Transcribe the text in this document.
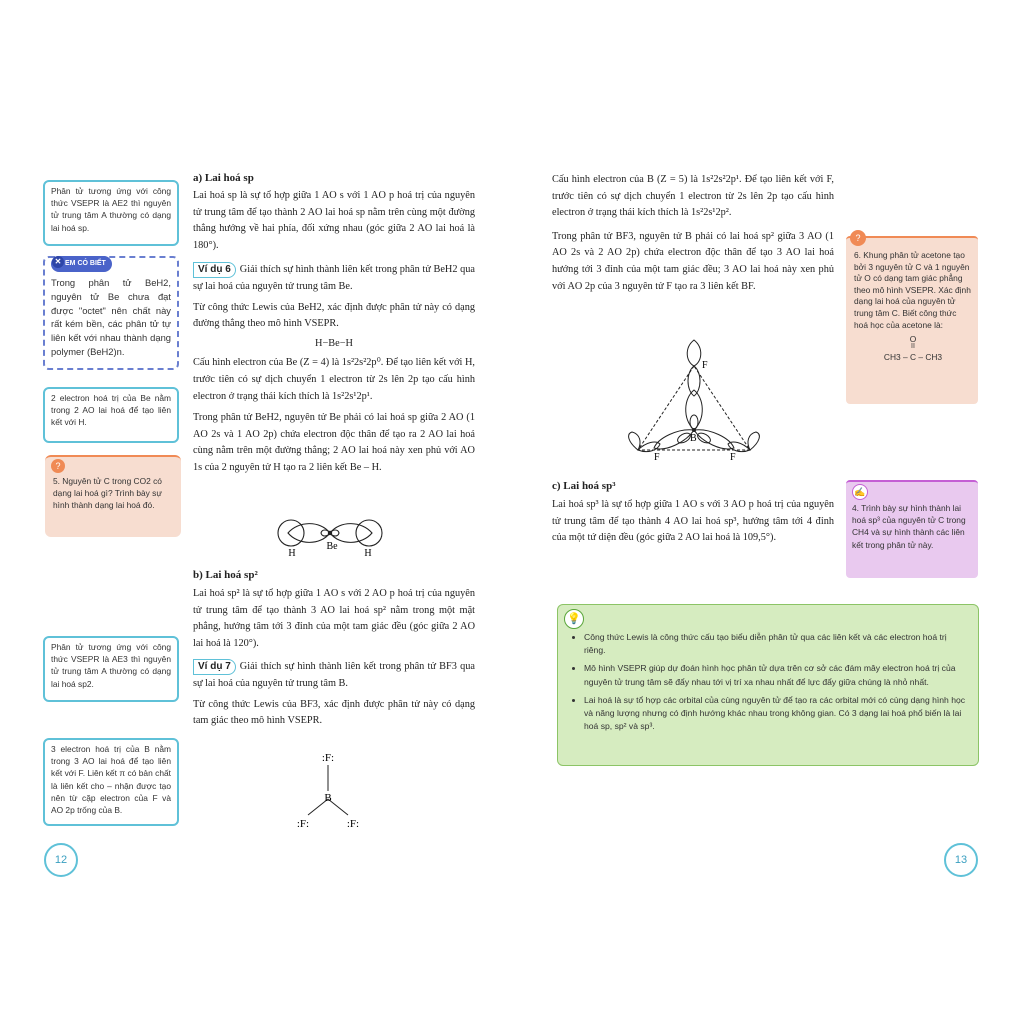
Phân tử tương ứng với công thức VSEPR là AE2 thì nguyên tử trung tâm A thường có dạng lai hoá sp.
✕ EM CÓ BIẾT
Trong phân tử BeH2, nguyên tử Be chưa đạt được "octet" nên chất này rất kém bền, các phân tử tự liên kết với nhau thành dạng polymer (BeH2)n.
2 electron hoá trị của Be nằm trong 2 AO lai hoá để tạo liên kết với H.
?
5. Nguyên tử C trong CO2 có dạng lai hoá gì? Trình bày sự hình thành dạng lai hoá đó.
Phân tử tương ứng với công thức VSEPR là AE3 thì nguyên tử trung tâm A thường có dạng lai hoá sp2.
3 electron hoá trị của B nằm trong 3 AO lai hoá để tạo liên kết với F. Liên kết π có bản chất là liên kết cho – nhận được tạo nên từ cặp electron của F và AO 2p trống của B.
12

a) Lai hoá sp

Lai hoá sp là sự tổ hợp giữa 1 AO s với 1 AO p hoá trị của nguyên tử trung tâm để tạo thành 2 AO lai hoá sp nằm trên cùng một đường thẳng hướng về hai phía, đối xứng nhau (góc giữa 2 AO lai hoá là 180°).

Ví dụ 6 Giải thích sự hình thành liên kết trong phân tử BeH2 qua sự lai hoá của nguyên tử trung tâm Be.

Từ công thức Lewis của BeH2, xác định được phân tử này có dạng đường thẳng theo mô hình VSEPR.

H−Be−H

Cấu hình electron của Be (Z = 4) là 1s²2s²2p⁰. Để tạo liên kết với H, trước tiên có sự dịch chuyển 1 electron từ 2s lên 2p tạo cấu hình electron ở trạng thái kích thích là 1s²2s¹2p¹.

Trong phân tử BeH2, nguyên tử Be phải có lai hoá sp giữa 2 AO (1 AO 2s và 1 AO 2p) chứa electron độc thân để tạo ra 2 AO lai hoá cùng nằm trên một đường thẳng; 2 AO lai hoá này xen phủ với AO 1s của 2 nguyên tử H tạo ra 2 liên kết Be – H.

H
Be
H

b) Lai hoá sp²

Lai hoá sp² là sự tổ hợp giữa 1 AO s với 2 AO p hoá trị của nguyên tử trung tâm để tạo thành 3 AO lai hoá sp² nằm trong một mặt phẳng, hướng tâm tới 3 đỉnh của một tam giác đều (góc giữa 2 AO lai hoá là 120°).

Ví dụ 7 Giải thích sự hình thành liên kết trong phân tử BF3 qua sự lai hoá của nguyên tử trung tâm B.

Từ công thức Lewis của BF3, xác định được phân tử này có dạng tam giác theo mô hình VSEPR.

:F:
B
:F:	:F:

Cấu hình electron của B (Z = 5) là 1s²2s²2p¹. Để tạo liên kết với F, trước tiên có sự dịch chuyển 1 electron từ 2s lên 2p tạo cấu hình electron ở trạng thái kích thích là 1s²2s¹2p².

Trong phân tử BF3, nguyên tử B phải có lai hoá sp² giữa 3 AO (1 AO 2s và 2 AO 2p) chứa electron độc thân để tạo 3 AO lai hoá hướng tới 3 đỉnh của một tam giác đều; 3 AO lai hoá này xen phủ với AO 2p của 3 nguyên tử F tạo ra 3 liên kết BF.

F
B
F	F

c) Lai hoá sp³

Lai hoá sp³ là sự tổ hợp giữa 1 AO s với 3 AO p hoá trị của nguyên tử trung tâm để tạo thành 4 AO lai hoá sp³, hướng tâm tới 4 đỉnh của một tứ diện đều (góc giữa 2 AO lai hoá là 109,5°).

?
6. Khung phân tử acetone tạo bởi 3 nguyên tử C và 1 nguyên tử O có dạng tam giác phẳng theo mô hình VSEPR. Xác định dạng lai hoá của nguyên tử trung tâm C. Biết công thức hoá học của acetone là:
O
II
CH3 – C – CH3
✍
4. Trình bày sự hình thành lai hoá sp³ của nguyên tử C trong CH4 và sự hình thành các liên kết trong phân tử này.
💡
• Công thức Lewis là công thức cấu tạo biểu diễn phân tử qua các liên kết và các electron hoá trị riêng.
• Mô hình VSEPR giúp dự đoán hình học phân tử dựa trên cơ sở các đám mây electron hoá trị của nguyên tử trung tâm sẽ đẩy nhau tới vị trí xa nhau nhất để lực đẩy giữa chúng là nhỏ nhất.
• Lai hoá là sự tổ hợp các orbital của cùng nguyên tử để tạo ra các orbital mới có cùng dạng hình học và năng lượng nhưng có định hướng khác nhau trong không gian. Có 3 dạng lai hoá phổ biến là lai hoá sp, sp² và sp³.
13
